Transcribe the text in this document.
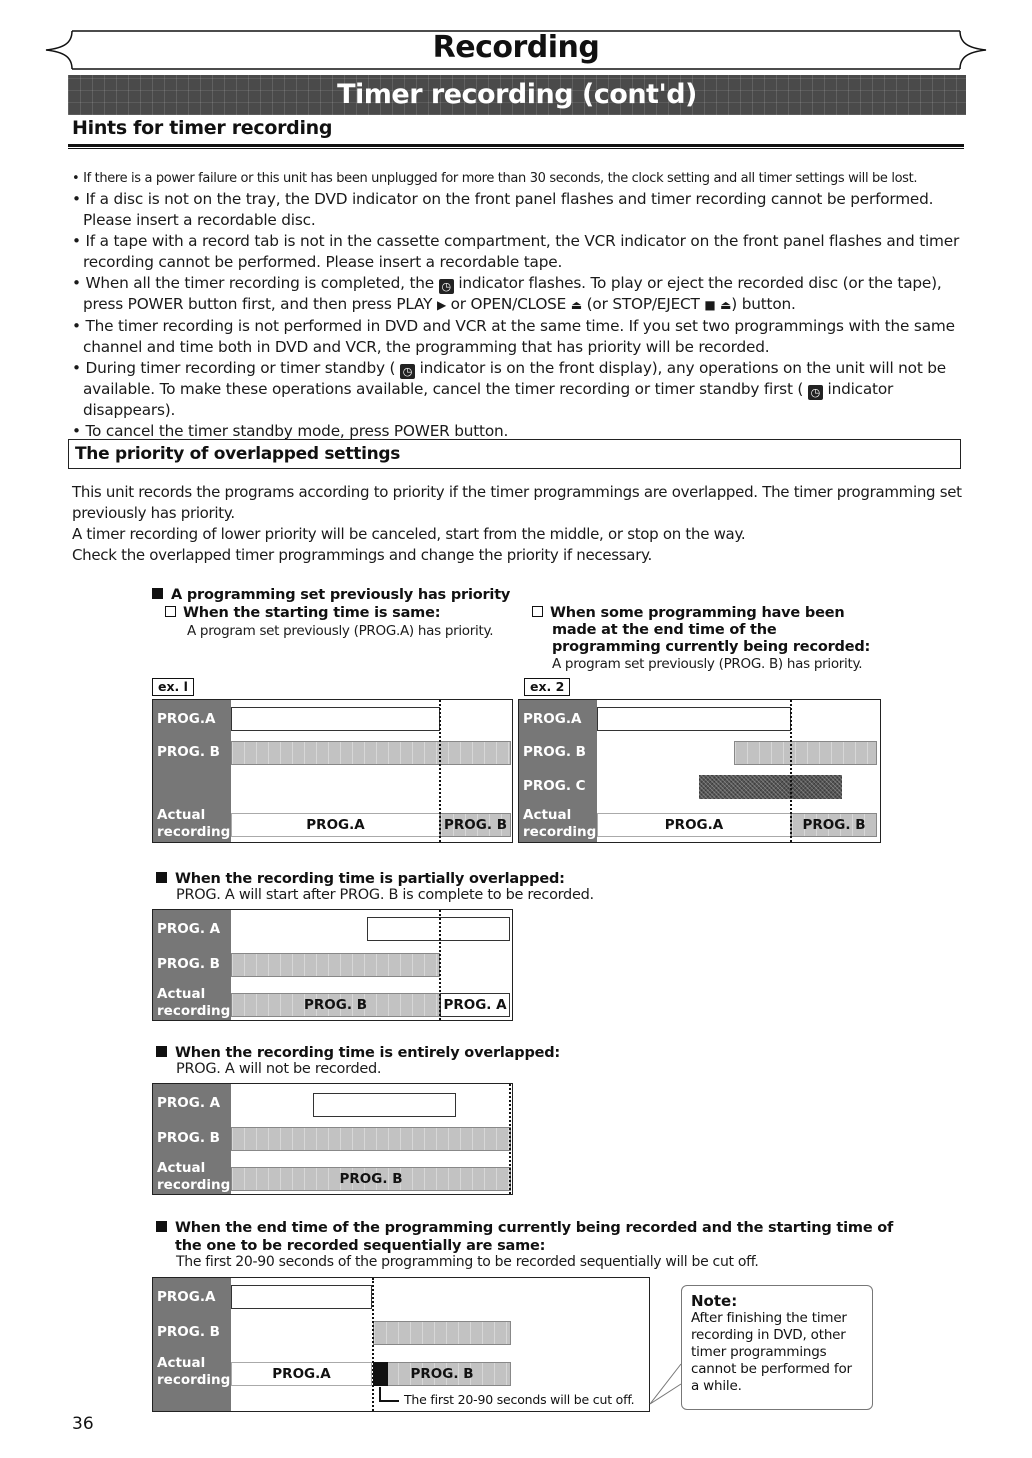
Recording
Timer recording (cont'd)
Hints for timer recording
• If there is a power failure or this unit has been unplugged for more than 30 seconds, the clock setting and all timer settings will be lost.
• If a disc is not on the tray, the DVD indicator on the front panel flashes and timer recording cannot be performed. Please insert a recordable disc.
• If a tape with a record tab is not in the cassette compartment, the VCR indicator on the front panel flashes and timer recording cannot be performed. Please insert a recordable tape.
• When all the timer recording is completed, the ◷ indicator flashes. To play or eject the recorded disc (or the tape), press POWER button first, and then press PLAY ▶ or OPEN/CLOSE ⏏ (or STOP/EJECT ■ ⏏) button.
• The timer recording is not performed in DVD and VCR at the same time. If you set two programmings with the same channel and time both in DVD and VCR, the programming that has priority will be recorded.
• During timer recording or timer standby ( ◷ indicator is on the front display), any operations on the unit will not be available. To make these operations available, cancel the timer recording or timer standby first ( ◷ indicator disappears).
• To cancel the timer standby mode, press POWER button.
The priority of overlapped settings
This unit records the programs according to priority if the timer programmings are overlapped. The timer programming set previously has priority.
A timer recording of lower priority will be canceled, start from the middle, or stop on the way.
Check the overlapped timer programmings and change the priority if necessary.
A programming set previously has priority
When the starting time is same:
A program set previously (PROG.A) has priority.
When some programming have been made at the end time of the programming currently being recorded:
A program set previously (PROG. B) has priority.
ex. l
PROG.A
PROG. B
Actual
recording	PROG.A	PROG. B
ex. 2
PROG.A
PROG. B
PROG. C
Actual
recording	PROG.A	PROG. B
When the recording time is partially overlapped:
PROG. A will start after PROG. B is complete to be recorded.
PROG. A
PROG. B
Actual
recording	PROG. B	PROG. A
When the recording time is entirely overlapped:
PROG. A will not be recorded.
PROG. A
PROG. B
Actual
recording	PROG. B
When the end time of the programming currently being recorded and the starting time of the one to be recorded sequentially are same:
The first 20-90 seconds of the programming to be recorded sequentially will be cut off.
PROG.A
PROG. B
Actual
recording	PROG.A	PROG. B
The first 20-90 seconds will be cut off.
Note:
After finishing the timer recording in DVD, other timer programmings cannot be performed for a while.
36
